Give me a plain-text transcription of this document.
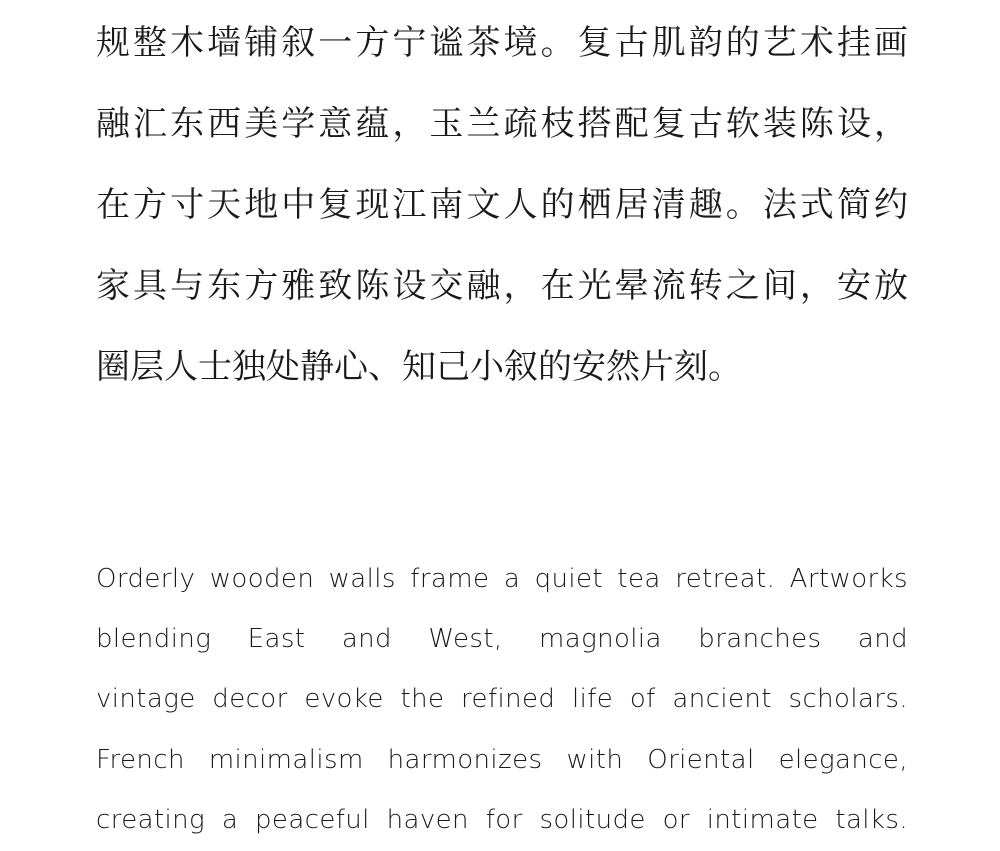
规整木墙铺叙一方宁谧茶境。复古肌韵的艺术挂画
融汇东西美学意蕴，玉兰疏枝搭配复古软装陈设，
在方寸天地中复现江南文人的栖居清趣。法式简约
家具与东方雅致陈设交融，在光晕流转之间，安放
圈层人士独处静心、知己小叙的安然片刻。
Orderly wooden walls frame a quiet tea retreat. Artworks
blending East and West, magnolia branches and
vintage decor evoke the refined life of ancient scholars.
French minimalism harmonizes with Oriental elegance,
creating a peaceful haven for solitude or intimate talks.
